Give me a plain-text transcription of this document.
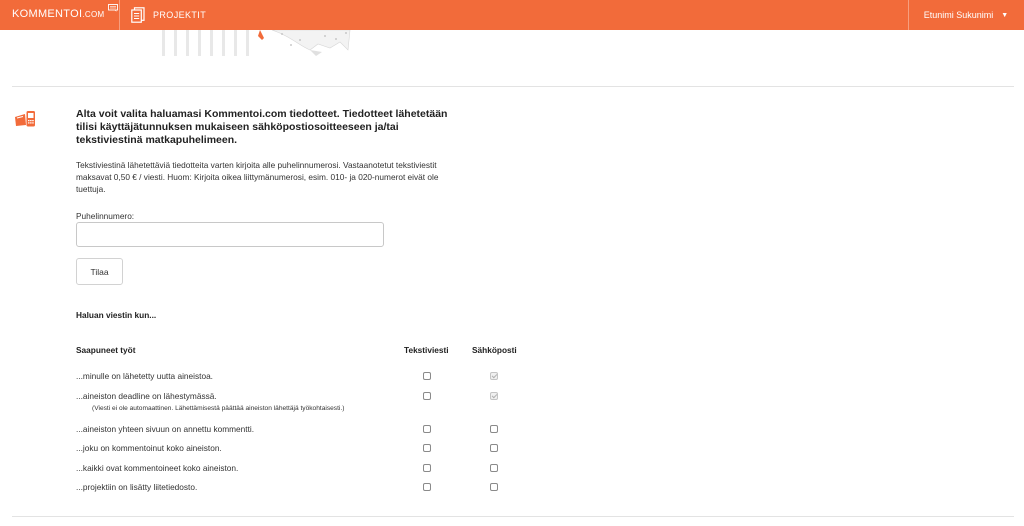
KOMMENTOI.COM	PROJEKTIT	Etunimi Sukunimi ▼
Alta voit valita haluamasi Kommentoi.com tiedotteet. Tiedotteet lähetetään tilisi käyttäjätunnuksen mukaiseen sähköpostiosoitteeseen ja/tai tekstiviestinä matkapuhelimeen.
Tekstiviestinä lähetettäviä tiedotteita varten kirjoita alle puhelinnumerosi. Vastaanotetut tekstiviestit maksavat 0,50 € / viesti. Huom: Kirjoita oikea liittymänumerosi, esim. 010- ja 020-numerot eivät ole tuettuja.
Puhelinnumero:
Tilaa
Haluan viestin kun...
Saapuneet työt	Tekstiviesti	Sähköposti
...minulle on lähetetty uutta aineistoa.
...aineiston deadline on lähestymässä.
(Viesti ei ole automaattinen. Lähettämisestä päättää aineiston lähettäjä työkohtaisesti.)
...aineiston yhteen sivuun on annettu kommentti.
...joku on kommentoinut koko aineiston.
...kaikki ovat kommentoineet koko aineiston.
...projektiin on lisätty liitetiedosto.
